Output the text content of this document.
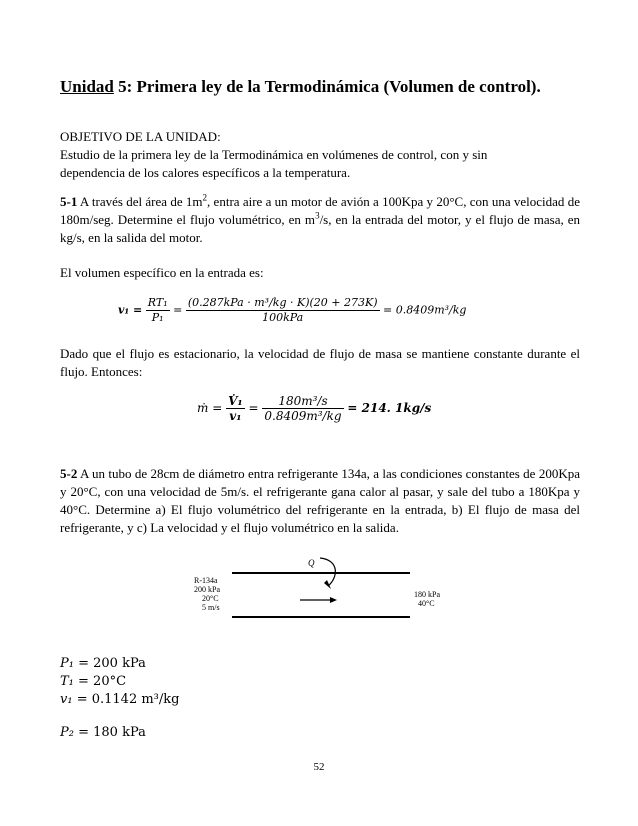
Unidad 5: Primera ley de la Termodinámica (Volumen de control).
OBJETIVO DE LA UNIDAD:
Estudio de la primera ley de la Termodinámica en volúmenes de control, con y sin dependencia de los calores específicos a la temperatura.
5-1 A través del área de $1m^2$, entra aire a un motor de avión a 100Kpa y 20°C, con una velocidad de 180m/seg. Determine el flujo volumétrico, en $m^3/s$, en la entrada del motor, y el flujo de masa, en kg/s, en la salida del motor.
El volumen específico en la entrada es:
$v_1 = \frac{\text{RT₁}}{\text{P₁}} = \frac{\text{(0.287kPa · m³/kg · K)(20 + 273K)}}{\text{100kPa}} = 0.8409m^3/kg$
Dado que el flujo es estacionario, la velocidad de flujo de masa se mantiene constante durante el flujo. Entonces:
ṁ = $\frac{\text{V̇₁}}{\text{v₁}} = \frac{\text{180m³/s}}{\text{0.8409m³/kg}} = 214$. 1kg/s
5-2 A un tubo de 28cm de diámetro entra refrigerante 134a, a las condiciones constantes de 200Kpa y 20°C, con una velocidad de 5m/s. el refrigerante gana calor al pasar, y sale del tubo a 180Kpa y 40°C. Determine a) El flujo volumétrico del refrigerante en la entrada, b) El flujo de masa del refrigerante, y c) La velocidad y el flujo volumétrico en la salida.
Q
R-134a
200 kPa
20°C
5 m/s
180 kPa
40°C
P₁ = 200 kPa
T₁ = 20°C
v₁ = 0.1142 m³/kg
P₂ = 180 kPa
52
